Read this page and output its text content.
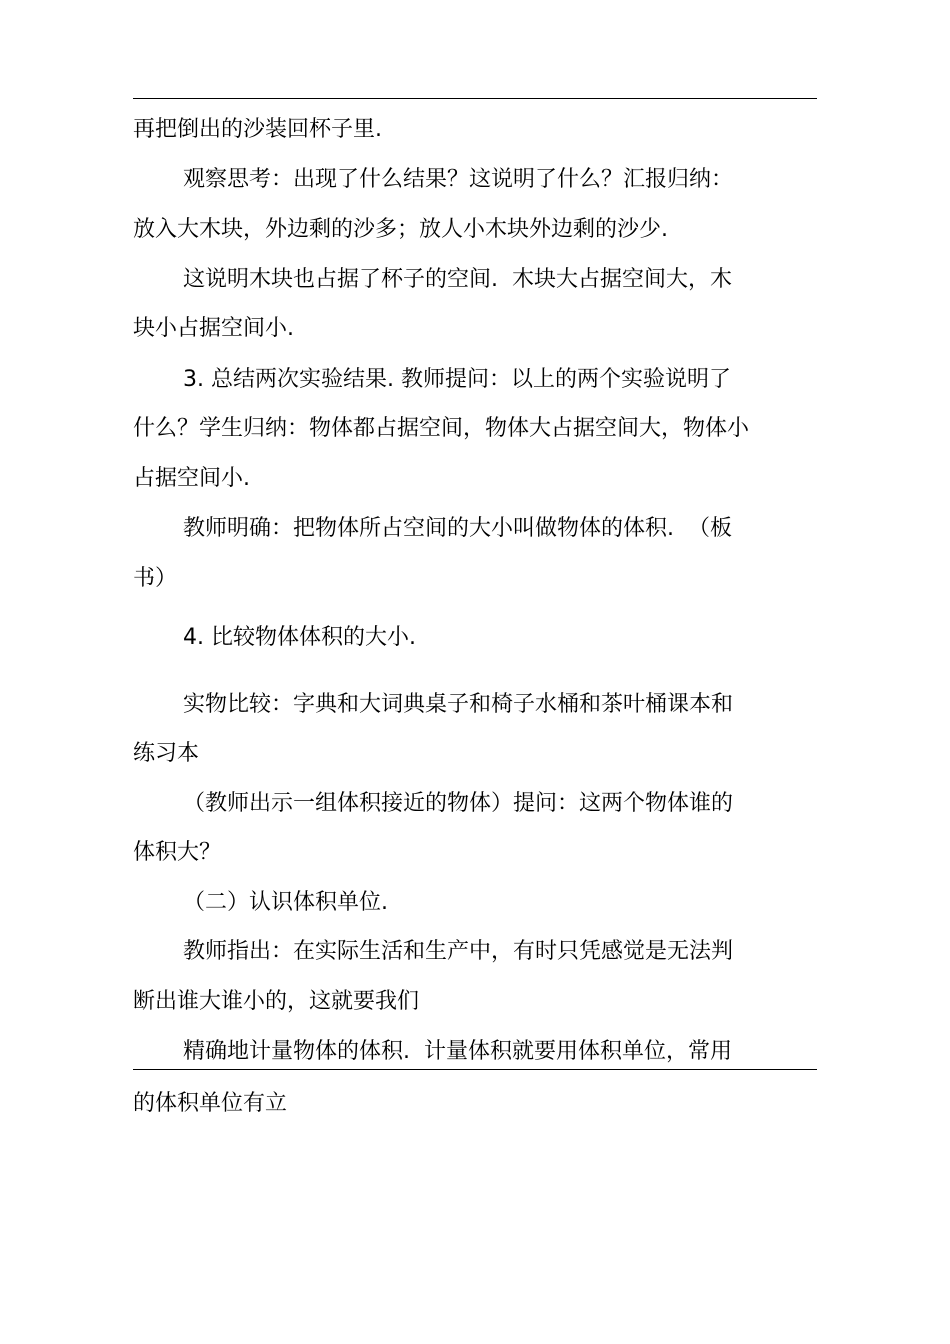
再把倒出的沙装回杯子里.

观察思考：出现了什么结果？这说明了什么？汇报归纳：

放入大木块，外边剩的沙多；放人小木块外边剩的沙少.

这说明木块也占据了杯子的空间.  木块大占据空间大，木

块小占据空间小.

3. 总结两次实验结果. 教师提问：以上的两个实验说明了

什么？学生归纳：物体都占据空间，物体大占据空间大，物体小

占据空间小.

教师明确：把物体所占空间的大小叫做物体的体积.  （板

书）

4. 比较物体体积的大小.

实物比较：字典和大词典桌子和椅子水桶和茶叶桶课本和

练习本

（教师出示一组体积接近的物体）提问：这两个物体谁的

体积大？

（二）认识体积单位.

教师指出：在实际生活和生产中，有时只凭感觉是无法判

断出谁大谁小的，这就要我们

精确地计量物体的体积.  计量体积就要用体积单位，常用

的体积单位有立
